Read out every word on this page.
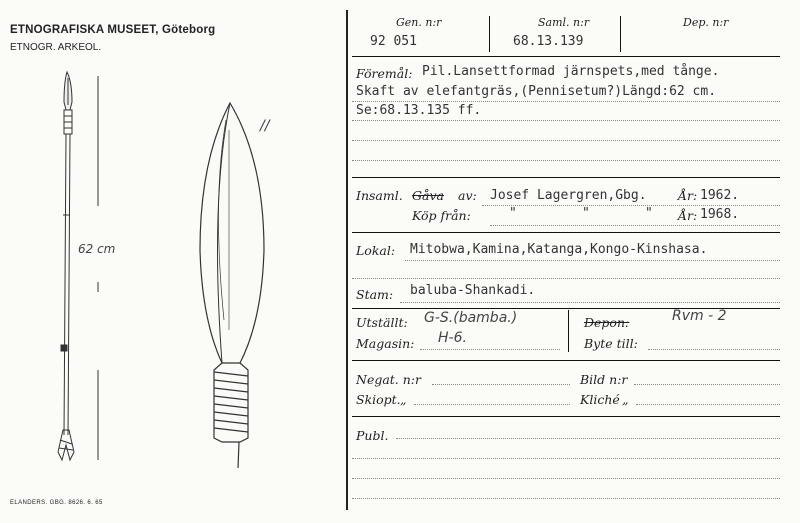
ETNOGRAFISKA MUSEET, Göteborg
ETNOGR. ARKEOL.
//
62 cm
ELANDERS. GBG. 8626. 6. 65
Gen. n:r
92 051
Saml. n:r
68.13.139
Dep. n:r
Föremål: Pil.Lansettformad järnspets,med tånge.
Skaft av elefantgräs,(Pennisetum?)Längd:62 cm.
Se:68.13.135 ff.
Insaml. Gåva av: Josef Lagergren,Gbg.	År: 1962.
Köp från:	"	"	" År: 1968.
Lokal: Mitobwa,Kamina,Katanga,Kongo-Kinshasa.
Stam: baluba-Shankadi.
Utställt: G-S.(bamba.)	Depon:	Rvm - 2
Magasin: H-6.	Byte till:
Negat. n:r	Bild n:r
Skiopt. „	Kliché „
Publ.
